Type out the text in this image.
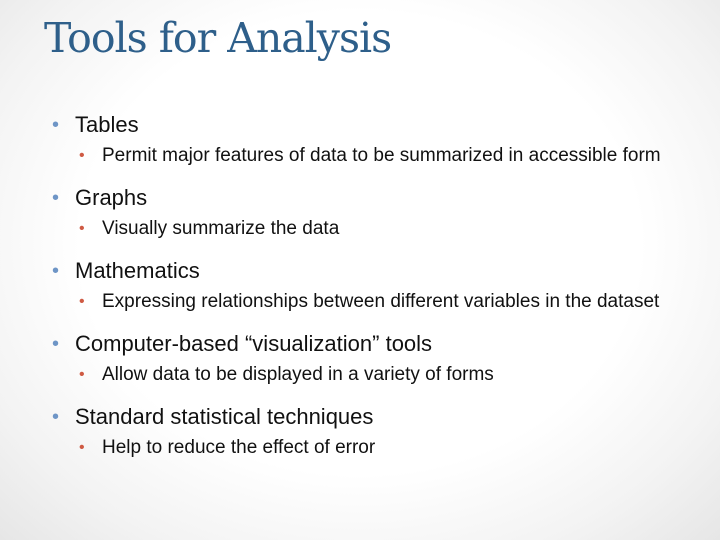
Tools for Analysis
• Tables
• Permit major features of data to be summarized in accessible form
• Graphs
• Visually summarize the data
• Mathematics
• Expressing relationships between different variables in the dataset
• Computer-based “visualization” tools
• Allow data to be displayed in a variety of forms
• Standard statistical techniques
• Help to reduce the effect of error
